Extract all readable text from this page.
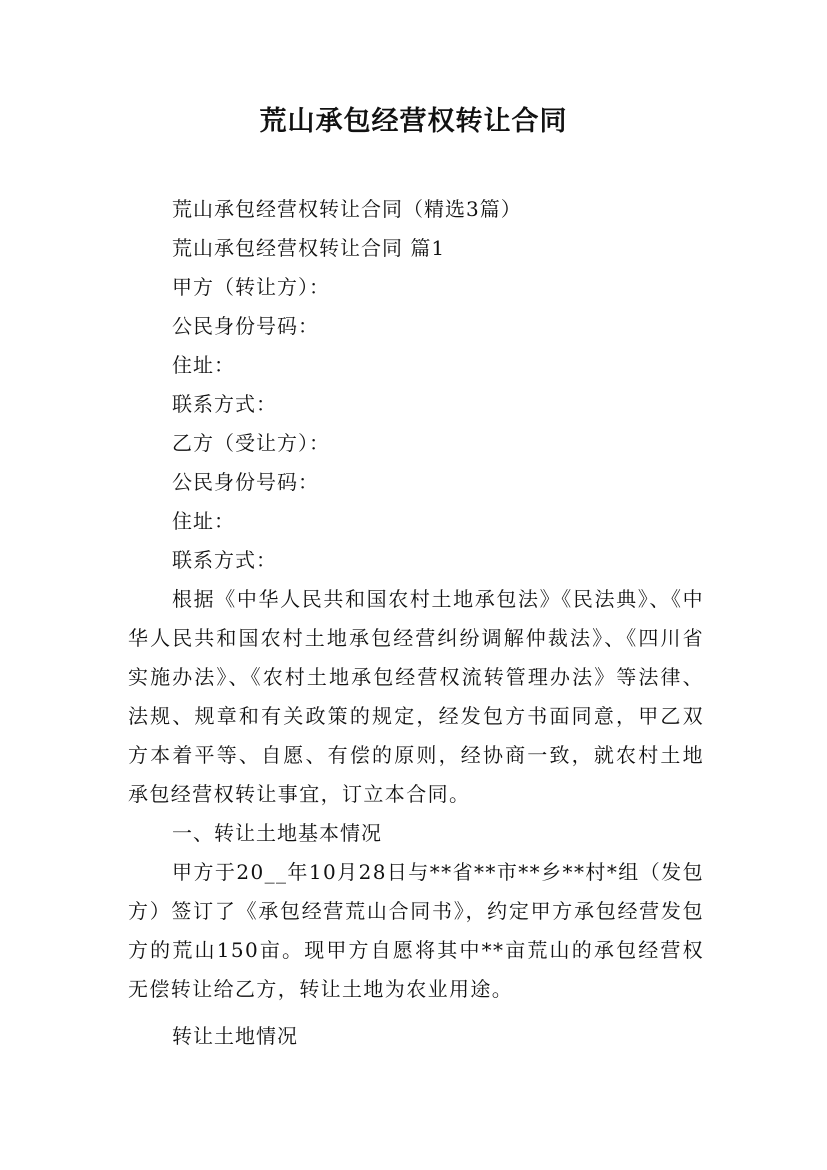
荒山承包经营权转让合同

荒山承包经营权转让合同（精选3篇）

荒山承包经营权转让合同 篇1

甲方（转让方）：

公民身份号码：

住址：

联系方式：

乙方（受让方）：

公民身份号码：

住址：

联系方式：

根据《中华人民共和国农村土地承包法》《民法典》、《中华人民共和国农村土地承包经营纠纷调解仲裁法》、《四川省实施办法》、《农村土地承包经营权流转管理办法》等法律、法规、规章和有关政策的规定，经发包方书面同意，甲乙双方本着平等、自愿、有偿的原则，经协商一致，就农村土地承包经营权转让事宜，订立本合同。

一、转让土地基本情况

甲方于20__年10月28日与**省**市**乡**村*组（发包方）签订了《承包经营荒山合同书》，约定甲方承包经营发包方的荒山150亩。现甲方自愿将其中**亩荒山的承包经营权无偿转让给乙方，转让土地为农业用途。

转让土地情况
